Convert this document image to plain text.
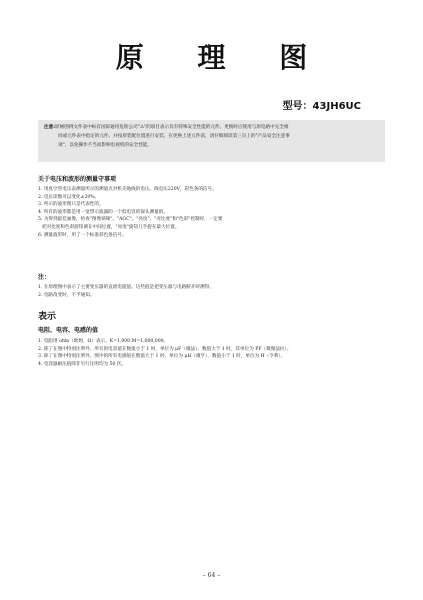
原 理 图
型号：43JH6UC
注意:原闸图例文件表中标有国际通用危险公司"⚠"的项目表示具有特殊安全性能的元件。更换时应使用与原电路中完全相
同或元件表中指定的元件。并按原装配位置进行安装。在更换上述元件前，请仔细阅读第三页上的"产品安全注意事
项"，以免操作不当而影响电视机的安全性能。
关于电压和波形的测量守事项
1. 用真空管电压表测量所示的测量点对机壳地线的电压。线电压220V，彩色条的信号。
2. 电压读数可以变化±20%。
3. 所示的波形图只是代表性的。
4. 所有的波形都是用一宽带示波器的一个低电容的探头测量的。
5. 为得到最佳画像，检查"图像锁频"、"AGC"、"亮度"、"对比度"和"色彩"控制时，一定要
把对比度和色彩旋钮调在中间位置，"亮度"旋钮几乎旋在最大位置。
6. 测量波形时，用了一个标准彩色条信号。
注：
1. 在原理图中表示了主要变压器的直流电阻值。这些值是把变压器与电路断开时测得。
2. 电路改变时，不予通知。
表示
电阻、电容、电感的值
1. 电阻用 ohm（欧姆，Ω）表示。K=1,000 M=1,000,000。
2. 除了在图中特别注明外，所有的电容值在数值小于 1 时，单位为 μF（微法），数值大于 1 时，其单位为 PF（微微法拉）。
3. 除了在图中特别注明外，图中的所有电感值在数值大于 1 时，单位为 μH（微亨），数值小于 1 时，单位为 H（亨利）。
4. 电容器耐压值除非另行注明均为 50 伏。
– 64 –
